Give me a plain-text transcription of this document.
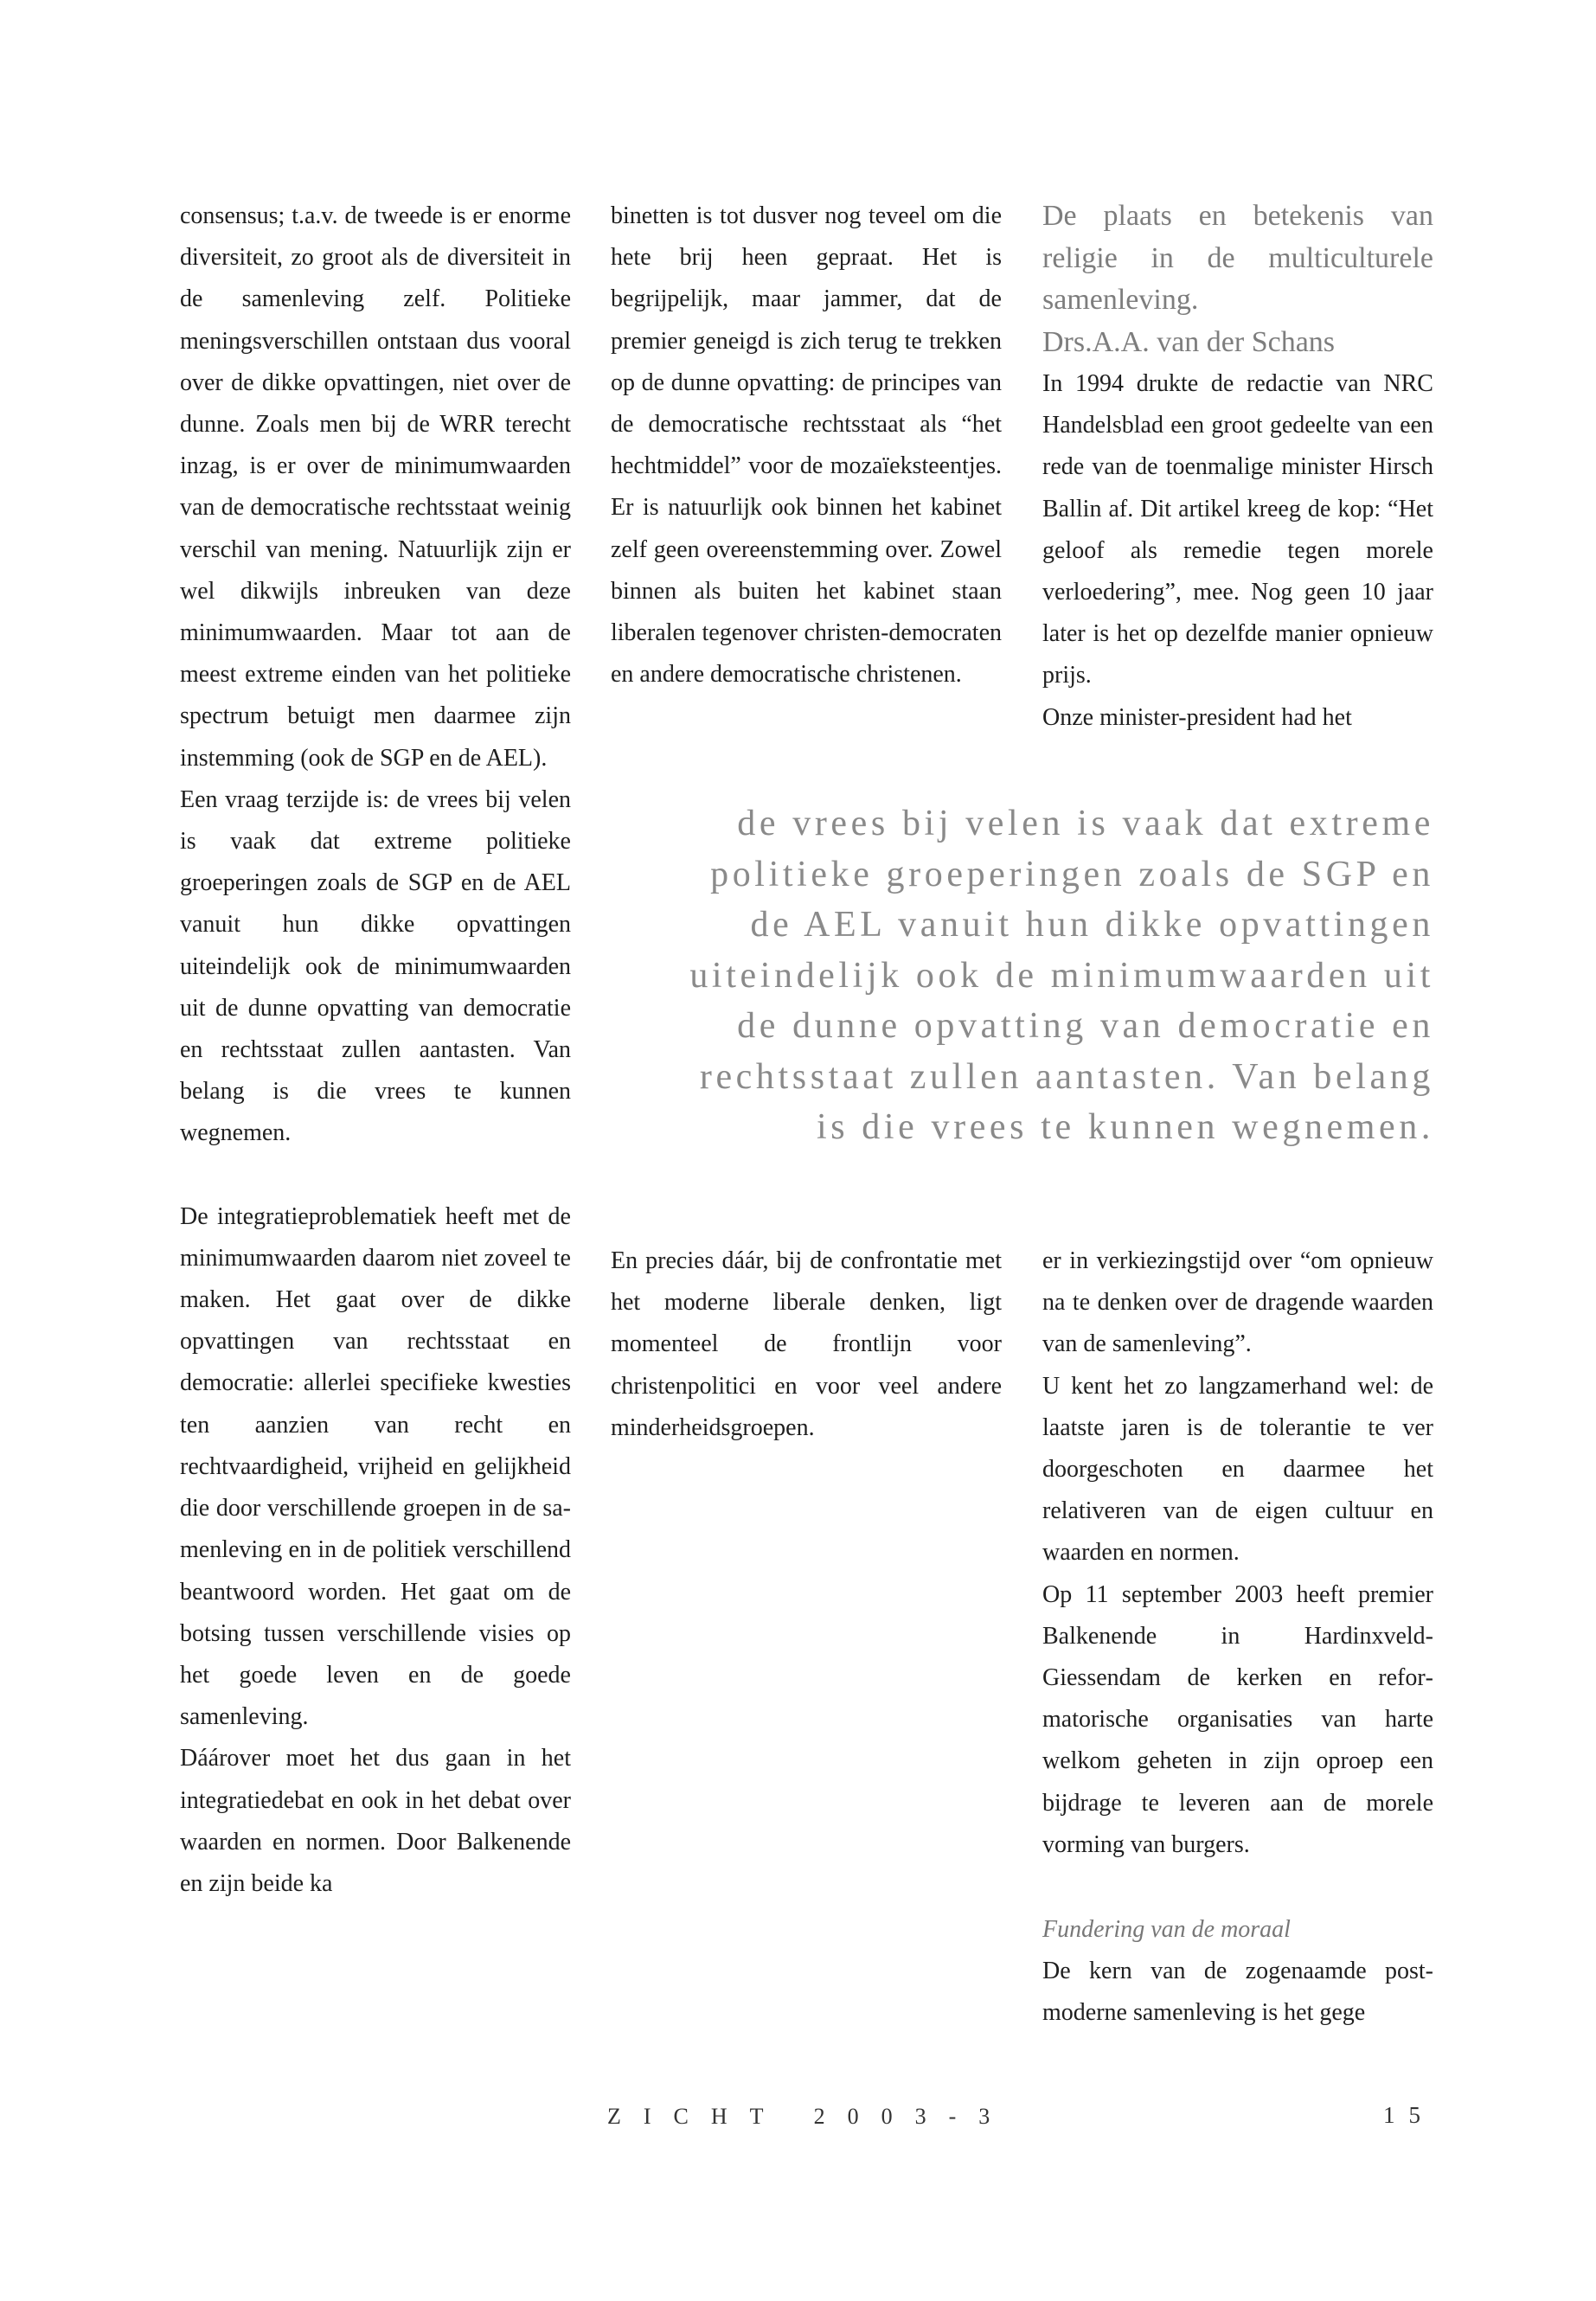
consensus; t.a.v. de tweede is er enorme diversiteit, zo groot als de diversiteit in de samenleving zelf. Politieke meningsverschillen ontstaan dus vooral over de dikke opvattingen, niet over de dunne. Zoals men bij de WRR terecht inzag, is er over de minimumwaarden van de democratische rechtsstaat weinig verschil van mening. Natuurlijk zijn er wel dikwijls inbreuken van deze minimumwaarden. Maar tot aan de meest extreme einden van het politieke spectrum betuigt men daarmee zijn instemming (ook de SGP en de AEL).

Een vraag terzijde is: de vrees bij velen is vaak dat extreme politieke groeperingen zoals de SGP en de AEL vanuit hun dikke opvattingen uiteindelijk ook de minimumwaarden uit de dunne opvatting van democratie en rechtsstaat zullen aantasten. Van belang is die vrees te kunnen wegnemen.

De integratieproblematiek heeft met de minimumwaarden daarom niet zoveel te maken. Het gaat over de dikke opvattingen van rechtsstaat en democratie: allerlei specifieke kwesties ten aanzien van recht en rechtvaardigheid, vrijheid en gelijkheid die door verschillende groepen in de samenleving en in de politiek verschillend beantwoord worden. Het gaat om de botsing tussen verschillende visies op het goede leven en de goede samenleving.

Dáárover moet het dus gaan in het integratiedebat en ook in het debat over waarden en normen. Door Balkenende en zijn beide ka

binetten is tot dusver nog teveel om die hete brij heen gepraat. Het is begrijpelijk, maar jammer, dat de premier geneigd is zich terug te trekken op de dunne opvatting: de principes van de democratische rechtsstaat als “het hechtmiddel” voor de mozaïeksteentjes. Er is natuurlijk ook binnen het kabinet zelf geen overeenstemming over. Zowel binnen als buiten het kabinet staan liberalen tegenover christen-democraten en andere democratische christenen.

De plaats en betekenis van religie in de multiculturele samenleving.

Drs.A.A. van der Schans

In 1994 drukte de redactie van NRC Handelsblad een groot gedeelte van een rede van de toenmalige minister Hirsch Ballin af. Dit artikel kreeg de kop: “Het geloof als remedie tegen morele verloedering”, mee. Nog geen 10 jaar later is het op dezelfde manier opnieuw prijs.

Onze minister-president had het

de vrees bij velen is vaak dat extreme
politieke groeperingen zoals de SGP en
de AEL vanuit hun dikke opvattingen
uiteindelijk ook de minimumwaarden uit
de dunne opvatting van democratie en
rechtsstaat zullen aantasten. Van belang
is die vrees te kunnen wegnemen.

En precies dáár, bij de confrontatie met het moderne liberale denken, ligt momenteel de frontlijn voor christenpolitici en voor veel andere minderheidsgroepen.

er in verkiezingstijd over “om opnieuw na te denken over de dragende waarden van de samenleving”.

U kent het zo langzamerhand wel: de laatste jaren is de tolerantie te ver doorgeschoten en daarmee het relativeren van de eigen cultuur en waarden en normen.

Op 11 september 2003 heeft premier Balkenende in Hardinxveld-Giessendam de kerken en reformatorische organisaties van harte welkom geheten in zijn oproep een bijdrage te leveren aan de morele vorming van burgers.

Fundering van de moraal

De kern van de zogenaamde postmoderne samenleving is het gege

ZICHT 2003-3	15
